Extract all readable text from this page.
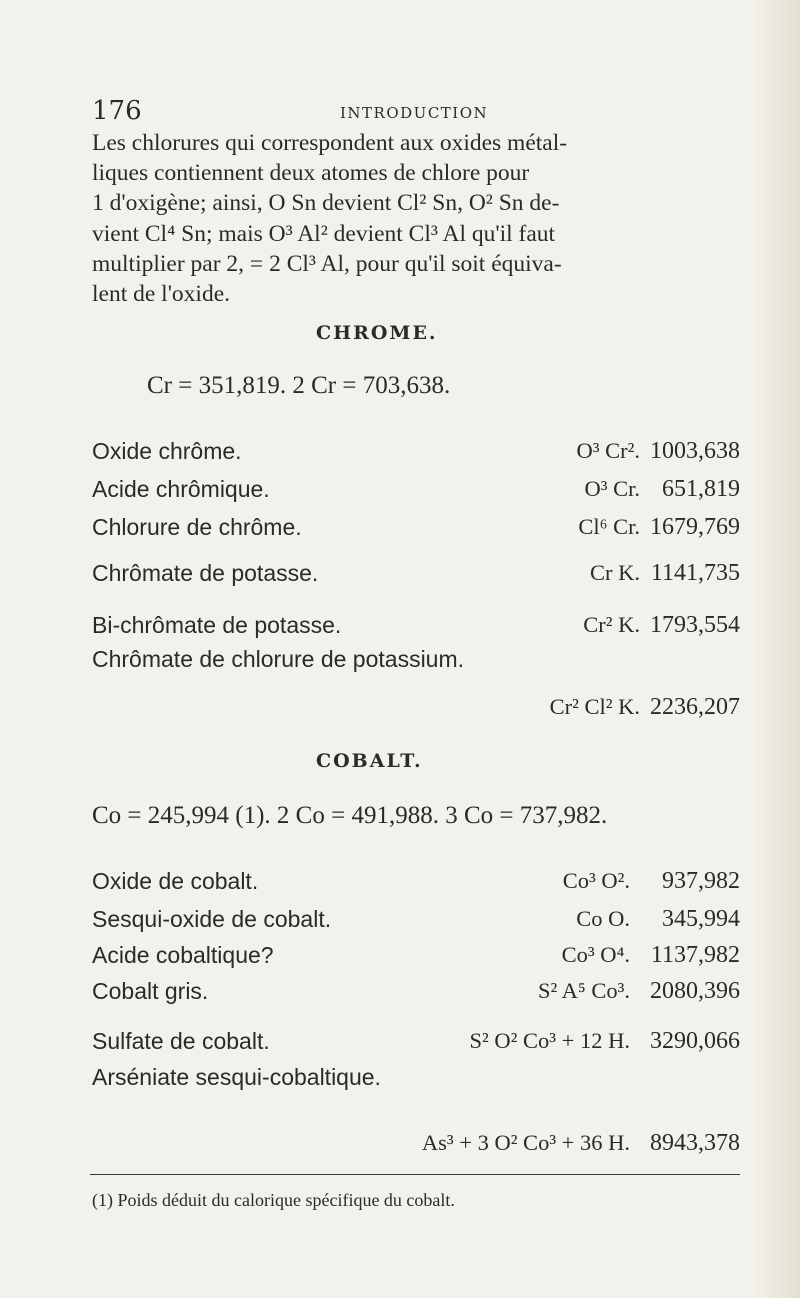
176	INTRODUCTION

Les chlorures qui correspondent aux oxides métal-

liques contiennent deux atomes de chlore pour

1 d'oxigène; ainsi, O Sn devient Cl² Sn, O² Sn de-

vient Cl⁴ Sn; mais O³ Al² devient Cl³ Al qu'il faut

multiplier par 2, = 2 Cl³ Al, pour qu'il soit équiva-

lent de l'oxide.

CHROME.
Cr = 351,819. 2 Cr = 703,638.
Oxide chrôme.	O³ Cr². 1003,638
Acide chrômique.	O³ Cr. 651,819
Chlorure de chrôme.	Cl⁶ Cr. 1679,769
Chrômate de potasse.	Cr K. 1141,735
Bi-chrômate de potasse.	Cr² K. 1793,554
Chrômate de chlorure de potassium.
Cr² Cl² K. 2236,207
COBALT.
Co = 245,994 (1). 2 Co = 491,988. 3 Co = 737,982.
Oxide de cobalt.	Co³ O².	937,982
Sesqui-oxide de cobalt.	Co O.	345,994
Acide cobaltique?	Co³ O⁴. 1137,982
Cobalt gris.	S² A⁵ Co³. 2080,396
Sulfate de cobalt.	S² O² Co³ + 12 H. 3290,066
Arséniate sesqui-cobaltique.
As³ + 3 O² Co³ + 36 H. 8943,378
(1) Poids déduit du calorique spécifique du cobalt.
